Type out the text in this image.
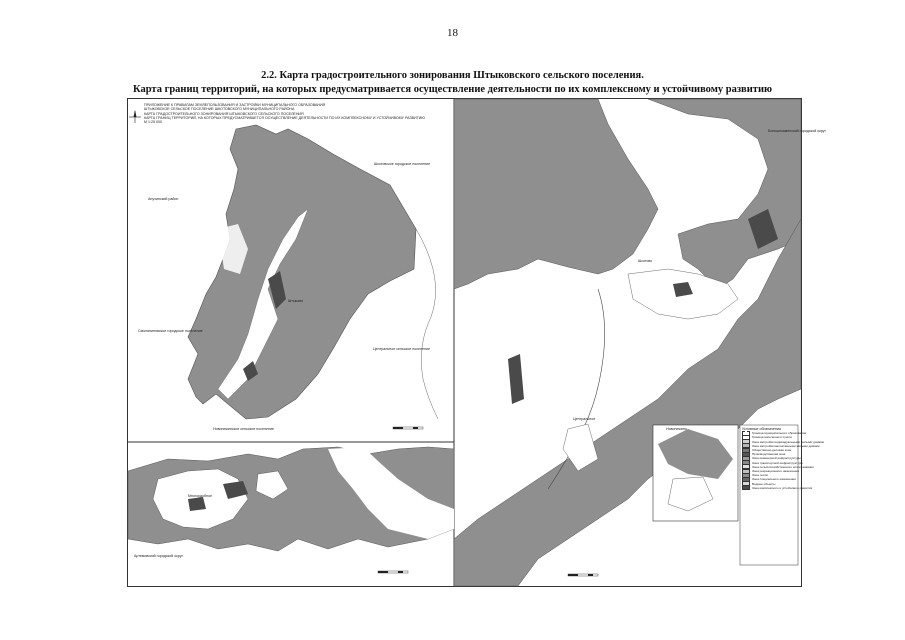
18
2.2. Карта градостроительного зонирования Штыковского сельского поселения.
Карта границ территорий, на которых предусматривается осуществление деятельности по их комплексному и устойчивому развитию
ПРИЛОЖЕНИЕ К ПРАВИЛАМ ЗЕМЛЕПОЛЬЗОВАНИЯ И ЗАСТРОЙКИ МУНИЦИПАЛЬНОГО ОБРАЗОВАНИЯ
ШТЫКОВСКОЕ СЕЛЬСКОЕ ПОСЕЛЕНИЕ ШКОТОВСКОГО МУНИЦИПАЛЬНОГО РАЙОНА
КАРТА ГРАДОСТРОИТЕЛЬНОГО ЗОНИРОВАНИЯ ШТЫКОВСКОГО СЕЛЬСКОГО ПОСЕЛЕНИЯ
КАРТА ГРАНИЦ ТЕРРИТОРИЙ, НА КОТОРЫХ ПРЕДУСМАТРИВАЕТСЯ ОСУЩЕСТВЛЕНИЕ ДЕЯТЕЛЬНОСТИ ПО ИХ КОМПЛЕКСНОМУ И УСТОЙЧИВОМУ РАЗВИТИЮ
М 1:25 000
Анучинский район
Шкотовское городское поселение
Смоляниновское городское поселение
Центральное сельское поселение
Новонежинское сельское поселение
Артемовский городской округ
Большекаменский городской округ
Штыково
Шкотово
Центральное
Новонежино
Многоудобное
Условные обозначения
Граница муниципального образования
Граница населенного пункта
Зона застройки индивидуальными жилыми домами
Зона застройки малоэтажными жилыми домами
Общественно-деловая зона
Производственная зона
Зона инженерной инфраструктуры
Зона транспортной инфраструктуры
Зона сельскохозяйственного использования
Зона рекреационного назначения
Зона лесов
Зона специального назначения
Водные объекты
Зона комплексного и устойчивого развития
